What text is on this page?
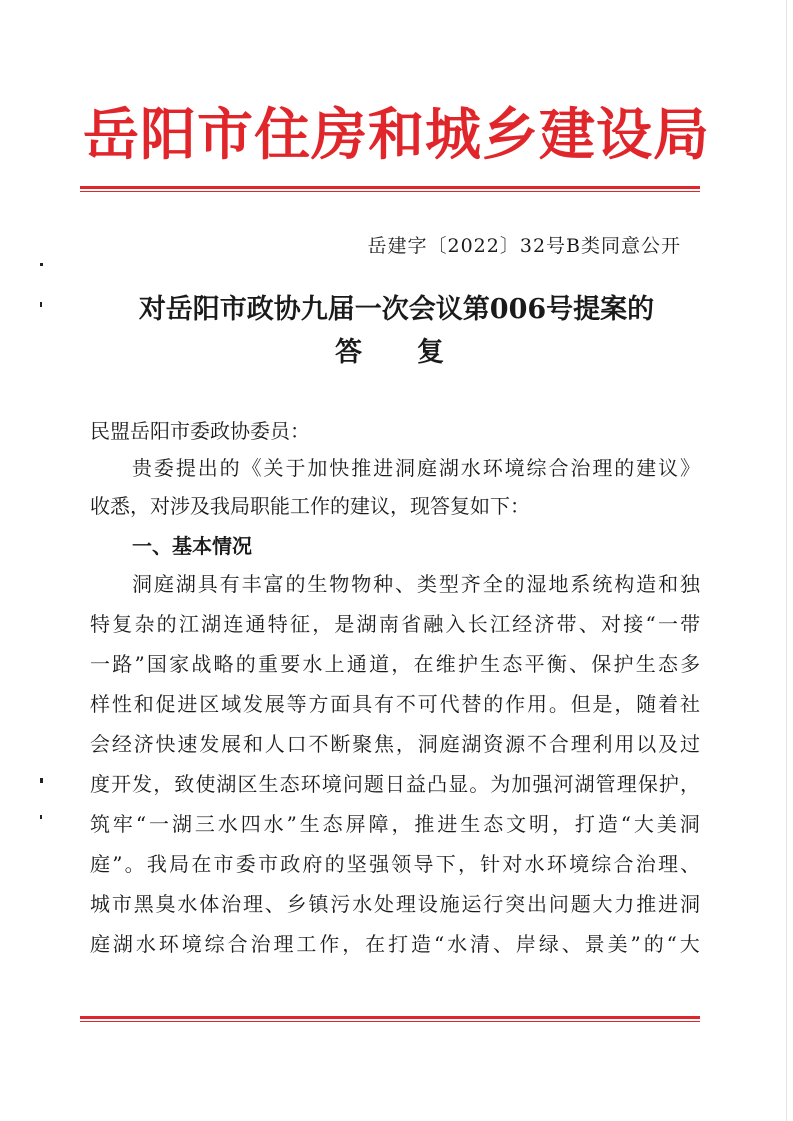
岳阳市住房和城乡建设局
岳建字〔2022〕32号B类同意公开
对岳阳市政协九届一次会议第006号提案的
答　复
民盟岳阳市委政协委员：
贵委提出的《关于加快推进洞庭湖水环境综合治理的建议》
收悉，对涉及我局职能工作的建议，现答复如下：
一、基本情况
洞庭湖具有丰富的生物物种、类型齐全的湿地系统构造和独
特复杂的江湖连通特征，是湖南省融入长江经济带、对接“一带
一路”国家战略的重要水上通道，在维护生态平衡、保护生态多
样性和促进区域发展等方面具有不可代替的作用。但是，随着社
会经济快速发展和人口不断聚焦，洞庭湖资源不合理利用以及过
度开发，致使湖区生态环境问题日益凸显。为加强河湖管理保护，
筑牢“一湖三水四水”生态屏障，推进生态文明，打造“大美洞
庭”。我局在市委市政府的坚强领导下，针对水环境综合治理、
城市黑臭水体治理、乡镇污水处理设施运行突出问题大力推进洞
庭湖水环境综合治理工作，在打造“水清、岸绿、景美”的“大
